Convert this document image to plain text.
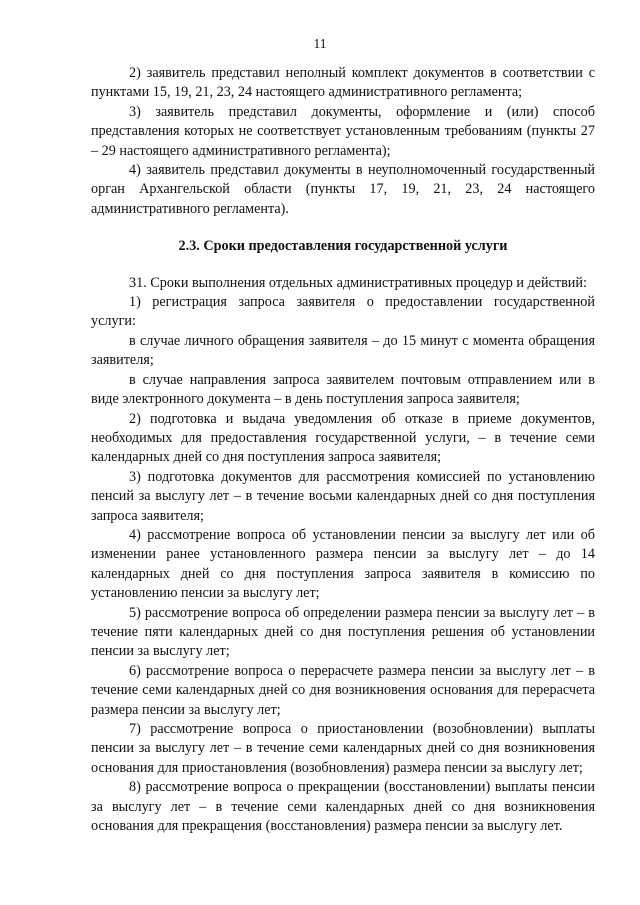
11

2) заявитель представил неполный комплект документов в соответствии с пунктами 15, 19, 21, 23, 24 настоящего административного регламента;

3) заявитель представил документы, оформление и (или) способ представления которых не соответствует установленным требованиям (пункты 27 – 29 настоящего административного регламента);

4) заявитель представил документы в неуполномоченный государственный орган Архангельской области (пункты 17, 19, 21, 23, 24 настоящего административного регламента).

2.3. Сроки предоставления государственной услуги

31. Сроки выполнения отдельных административных процедур и действий:

1) регистрация запроса заявителя о предоставлении государственной услуги:

в случае личного обращения заявителя – до 15 минут с момента обращения заявителя;

в случае направления запроса заявителем почтовым отправлением или в виде электронного документа – в день поступления запроса заявителя;

2) подготовка и выдача уведомления об отказе в приеме документов, необходимых для предоставления государственной услуги, – в течение семи календарных дней со дня поступления запроса заявителя;

3) подготовка документов для рассмотрения комиссией по установлению пенсий за выслугу лет – в течение восьми календарных дней со дня поступления запроса заявителя;

4) рассмотрение вопроса об установлении пенсии за выслугу лет или об изменении ранее установленного размера пенсии за выслугу лет – до 14 календарных дней со дня поступления запроса заявителя в комиссию по установлению пенсии за выслугу лет;

5) рассмотрение вопроса об определении размера пенсии за выслугу лет – в течение пяти календарных дней со дня поступления решения об установлении пенсии за выслугу лет;

6) рассмотрение вопроса о перерасчете размера пенсии за выслугу лет – в течение семи календарных дней со дня возникновения основания для перерасчета размера пенсии за выслугу лет;

7) рассмотрение вопроса о приостановлении (возобновлении) выплаты пенсии за выслугу лет – в течение семи календарных дней со дня возникновения основания для приостановления (возобновления) размера пенсии за выслугу лет;

8) рассмотрение вопроса о прекращении (восстановлении) выплаты пенсии за выслугу лет – в течение семи календарных дней со дня возникновения основания для прекращения (восстановления) размера пенсии за выслугу лет.
